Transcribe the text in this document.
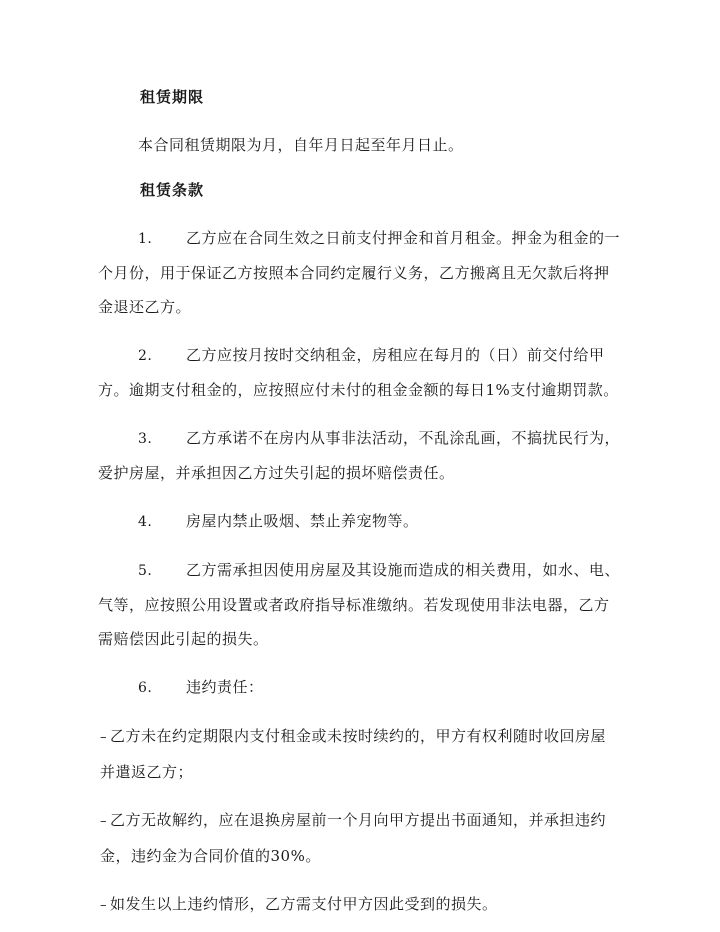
租赁期限
本合同租赁期限为月，自年月日起至年月日止。
租赁条款
1. 乙方应在合同生效之日前支付押金和首月租金。押金为租金的一个月份，用于保证乙方按照本合同约定履行义务，乙方搬离且无欠款后将押金退还乙方。
2. 乙方应按月按时交纳租金，房租应在每月的（日）前交付给甲方。逾期支付租金的，应按照应付未付的租金金额的每日1%支付逾期罚款。
3. 乙方承诺不在房内从事非法活动，不乱涂乱画，不搞扰民行为，爱护房屋，并承担因乙方过失引起的损坏赔偿责任。
4. 房屋内禁止吸烟、禁止养宠物等。
5. 乙方需承担因使用房屋及其设施而造成的相关费用，如水、电、气等，应按照公用设置或者政府指导标准缴纳。若发现使用非法电器，乙方需赔偿因此引起的损失。
6. 违约责任：
– 乙方未在约定期限内支付租金或未按时续约的，甲方有权利随时收回房屋并遣返乙方；
– 乙方无故解约，应在退换房屋前一个月向甲方提出书面通知，并承担违约金，违约金为合同价值的30%。
– 如发生以上违约情形，乙方需支付甲方因此受到的损失。
